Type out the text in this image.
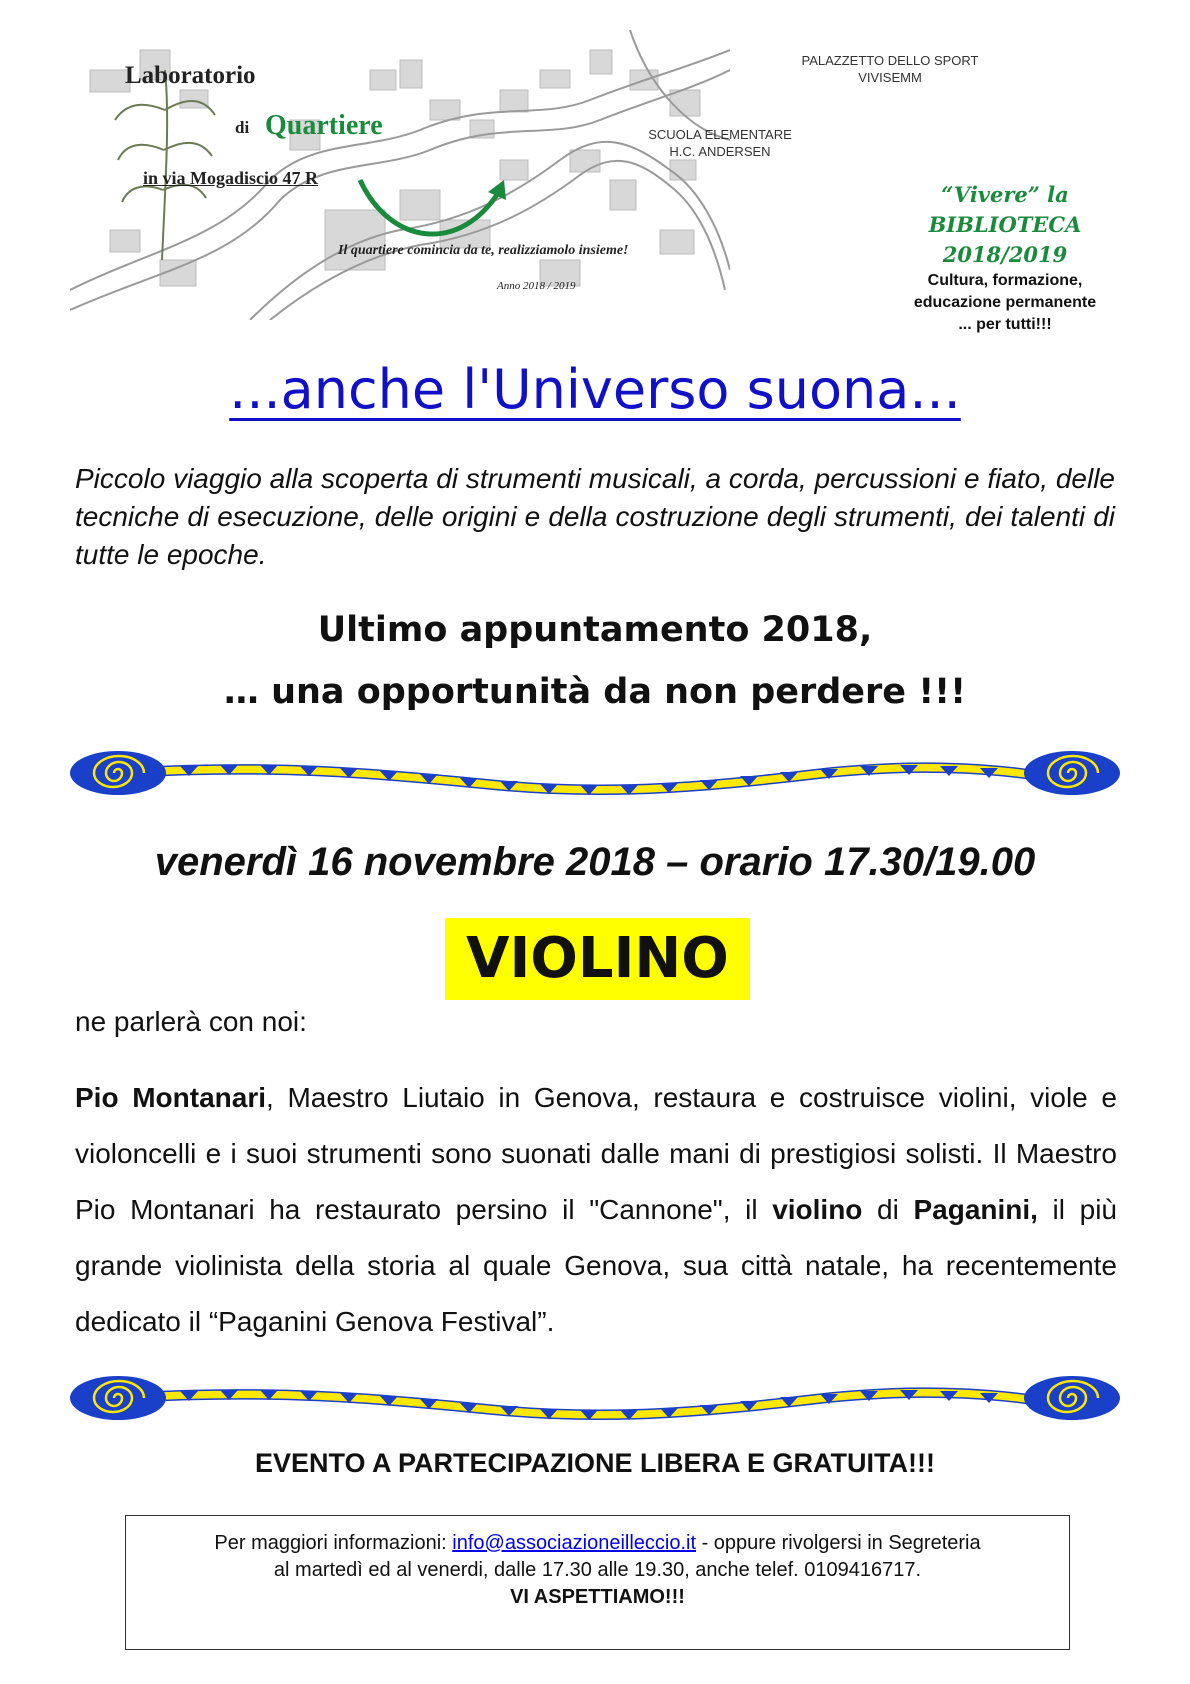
Laboratorio
di Quartiere
in via Mogadiscio 47 R
Il quartiere comincia da te, realizziamolo insieme!
Anno 2018 / 2019
PALAZZETTO DELLO SPORT
VIVISEMM
SCUOLA ELEMENTARE
H.C. ANDERSEN
“Vivere” la
BIBLIOTECA
2018/2019
Cultura, formazione,
educazione permanente
... per tutti!!!
...anche l'Universo suona...
Piccolo viaggio alla scoperta di strumenti musicali, a corda, percussioni e fiato, delle tecniche di esecuzione, delle origini e della costruzione degli strumenti, dei talenti di tutte le epoche.
Ultimo appuntamento 2018,
… una opportunità da non perdere !!!
venerdì 16 novembre 2018 – orario 17.30/19.00
VIOLINO
ne parlerà con noi:
Pio Montanari, Maestro Liutaio in Genova, restaura e costruisce violini, viole e violoncelli e i suoi strumenti sono suonati dalle mani di prestigiosi solisti. Il Maestro Pio Montanari ha restaurato persino il "Cannone", il violino di Paganini, il più grande violinista della storia al quale Genova, sua città natale, ha recentemente dedicato il “Paganini Genova Festival”.
EVENTO A PARTECIPAZIONE LIBERA E GRATUITA!!!
Per maggiori informazioni: info@associazioneilleccio.it - oppure rivolgersi in Segreteria
al martedì ed al venerdi, dalle 17.30 alle 19.30, anche telef. 0109416717.
VI ASPETTIAMO!!!
